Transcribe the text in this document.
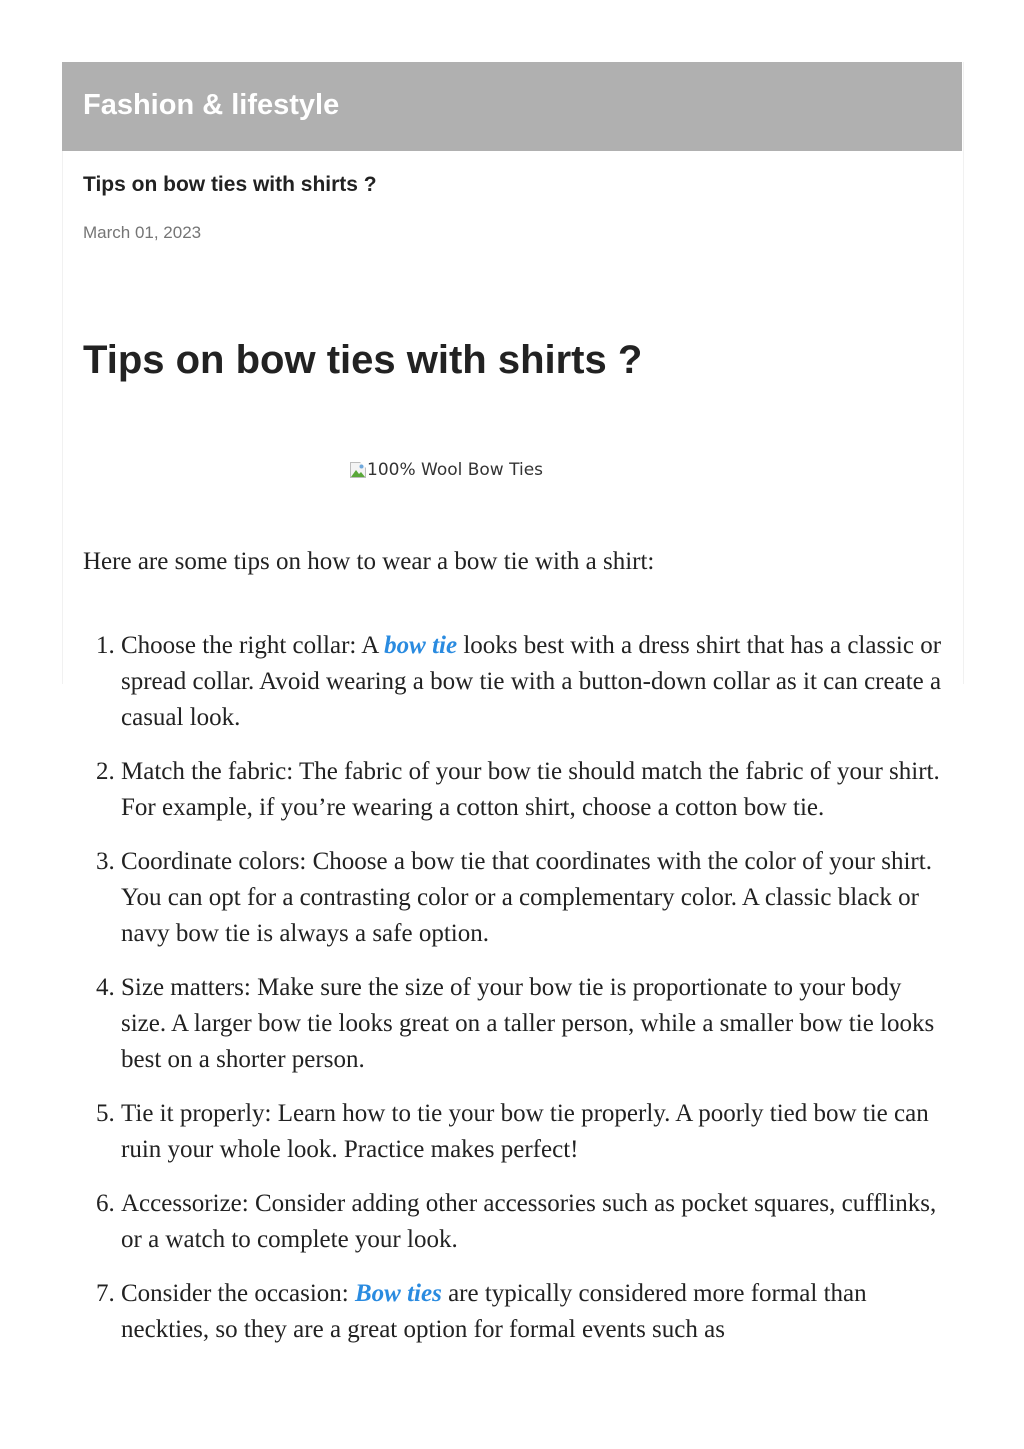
Fashion & lifestyle
Tips on bow ties with shirts ?
March 01, 2023
Tips on bow ties with shirts ?
100% Wool Bow Ties

Here are some tips on how to wear a bow tie with a shirt:

1. Choose the right collar: A bow tie looks best with a dress shirt that has a classic or spread collar. Avoid wearing a bow tie with a button-down collar as it can create a casual look.
2. Match the fabric: The fabric of your bow tie should match the fabric of your shirt. For example, if you’re wearing a cotton shirt, choose a cotton bow tie.
3. Coordinate colors: Choose a bow tie that coordinates with the color of your shirt. You can opt for a contrasting color or a complementary color. A classic black or navy bow tie is always a safe option.
4. Size matters: Make sure the size of your bow tie is proportionate to your body size. A larger bow tie looks great on a taller person, while a smaller bow tie looks best on a shorter person.
5. Tie it properly: Learn how to tie your bow tie properly. A poorly tied bow tie can ruin your whole look. Practice makes perfect!
6. Accessorize: Consider adding other accessories such as pocket squares, cufflinks, or a watch to complete your look.
7. Consider the occasion: Bow ties are typically considered more formal than neckties, so they are a great option for formal events such as
